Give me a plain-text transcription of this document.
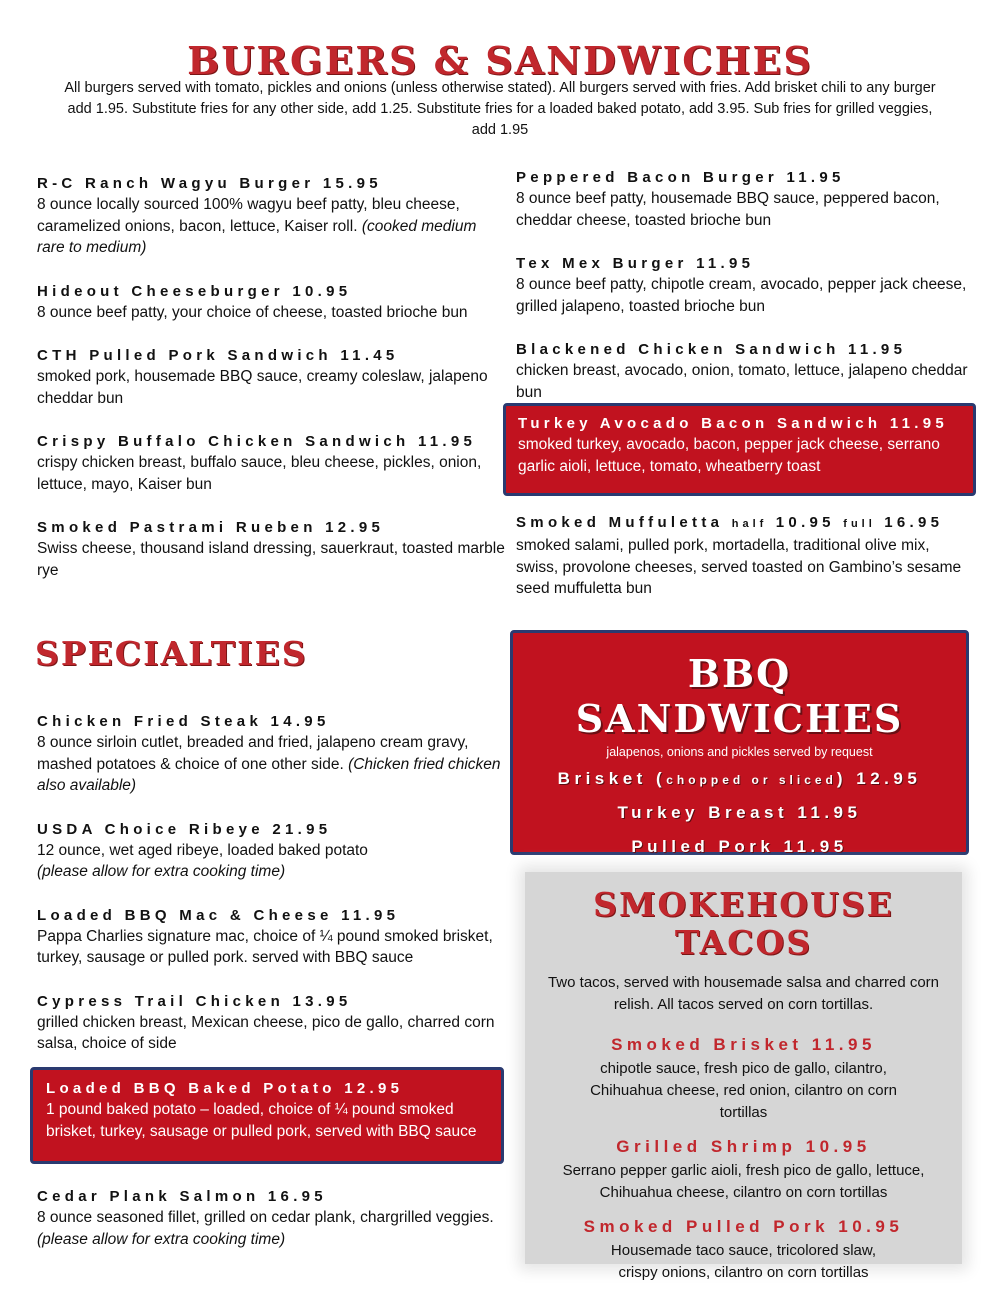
BURGERS & SANDWICHES

All burgers served with tomato, pickles and onions (unless otherwise stated). All burgers served with fries. Add brisket chili to any burger add 1.95. Substitute fries for any other side, add 1.25. Substitute fries for a loaded baked potato, add 3.95. Sub fries for grilled veggies, add 1.95

R-C Ranch Wagyu Burger 15.95
8 ounce locally sourced 100% wagyu beef patty, bleu cheese, caramelized onions, bacon, lettuce, Kaiser roll. (cooked medium rare to medium)
Hideout Cheeseburger 10.95
8 ounce beef patty, your choice of cheese, toasted brioche bun
CTH Pulled Pork Sandwich 11.45
smoked pork, housemade BBQ sauce, creamy coleslaw, jalapeno cheddar bun
Crispy Buffalo Chicken Sandwich 11.95
crispy chicken breast, buffalo sauce, bleu cheese, pickles, onion, lettuce, mayo, Kaiser bun
Smoked Pastrami Rueben 12.95
Swiss cheese, thousand island dressing, sauerkraut, toasted marble rye
Peppered Bacon Burger 11.95
8 ounce beef patty, housemade BBQ sauce, peppered bacon, cheddar cheese, toasted brioche bun
Tex Mex Burger 11.95
8 ounce beef patty, chipotle cream, avocado, pepper jack cheese, grilled jalapeno, toasted brioche bun
Blackened Chicken Sandwich 11.95
chicken breast, avocado, onion, tomato, lettuce, jalapeno cheddar bun
Turkey Avocado Bacon Sandwich 11.95
smoked turkey, avocado, bacon, pepper jack cheese, serrano garlic aioli, lettuce, tomato, wheatberry toast
Smoked Muffuletta half 10.95 full 16.95
smoked salami, pulled pork, mortadella, traditional olive mix, swiss, provolone cheeses, served toasted on Gambino’s sesame seed muffuletta bun
SPECIALTIES
Chicken Fried Steak 14.95
8 ounce sirloin cutlet, breaded and fried, jalapeno cream gravy, mashed potatoes & choice of one other side. (Chicken fried chicken also available)
USDA Choice Ribeye 21.95
12 ounce, wet aged ribeye, loaded baked potato
(please allow for extra cooking time)
Loaded BBQ Mac & Cheese 11.95
Pappa Charlies signature mac, choice of ¼ pound smoked brisket, turkey, sausage or pulled pork. served with BBQ sauce
Cypress Trail Chicken 13.95
grilled chicken breast, Mexican cheese, pico de gallo, charred corn salsa, choice of side
Loaded BBQ Baked Potato 12.95
1 pound baked potato – loaded, choice of ¼ pound smoked brisket, turkey, sausage or pulled pork, served with BBQ sauce
Cedar Plank Salmon 16.95
8 ounce seasoned fillet, grilled on cedar plank, chargrilled veggies.
(please allow for extra cooking time)
BBQ SANDWICHES

jalapenos, onions and pickles served by request

Brisket (chopped or sliced) 12.95

Turkey Breast 11.95

Pulled Pork 11.95

SMOKEHOUSE
TACOS

Two tacos, served with housemade salsa and charred corn relish. All tacos served on corn tortillas.

Smoked Brisket 11.95
chipotle sauce, fresh pico de gallo, cilantro, Chihuahua cheese, red onion, cilantro on corn tortillas
Grilled Shrimp 10.95
Serrano pepper garlic aioli, fresh pico de gallo, lettuce, Chihuahua cheese, cilantro on corn tortillas
Smoked Pulled Pork 10.95
Housemade taco sauce, tricolored slaw, crispy onions, cilantro on corn tortillas
